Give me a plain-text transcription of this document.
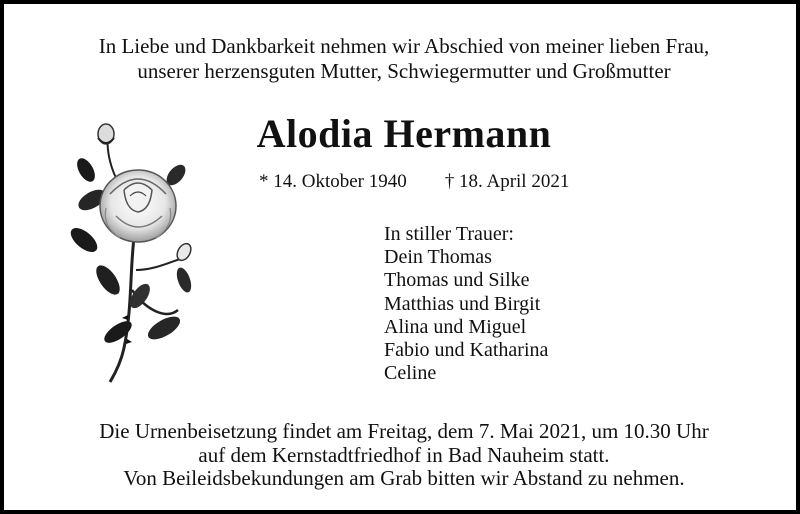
In Liebe und Dankbarkeit nehmen wir Abschied von meiner lieben Frau,
unserer herzensguten Mutter, Schwiegermutter und Großmutter
Alodia Hermann
* 14. Oktober 1940 † 18. April 2021
In stiller Trauer:
Dein Thomas
Thomas und Silke
Matthias und Birgit
Alina und Miguel
Fabio und Katharina
Celine
Die Urnenbeisetzung findet am Freitag, dem 7. Mai 2021, um 10.30 Uhr
auf dem Kernstadtfriedhof in Bad Nauheim statt.
Von Beileidsbekundungen am Grab bitten wir Abstand zu nehmen.
